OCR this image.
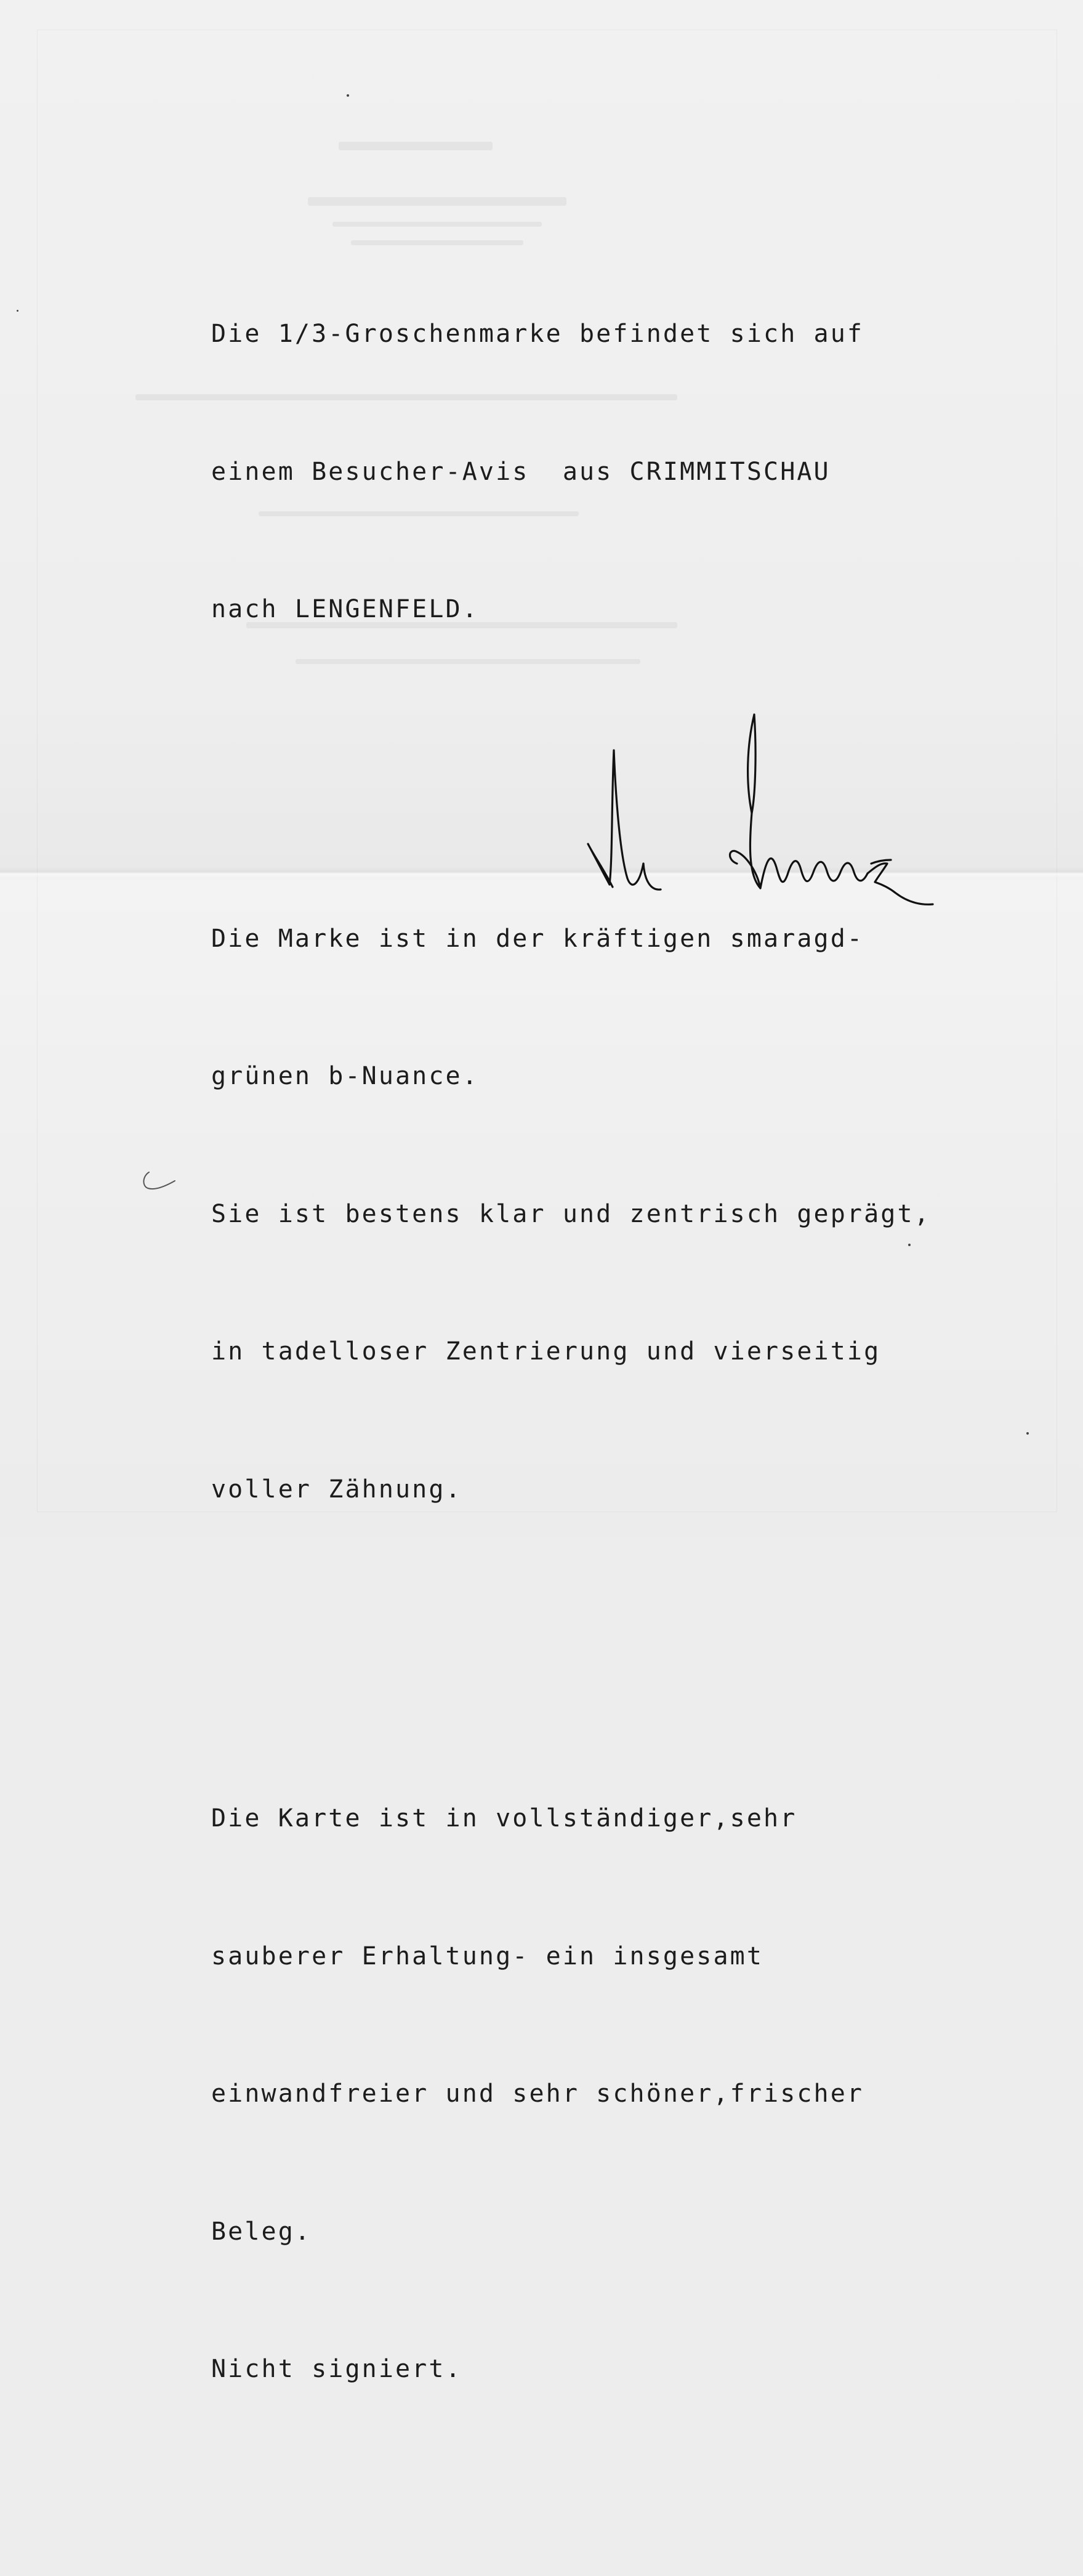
Die 1/3-Groschenmarke befindet sich auf

einem Besucher-Avis  aus CRIMMITSCHAU

nach LENGENFELD.

Die Marke ist in der kräftigen smaragd-

grünen b-Nuance.

Sie ist bestens klar und zentrisch geprägt,

in tadelloser Zentrierung und vierseitig

voller Zähnung.

Die Karte ist in vollständiger,sehr

sauberer Erhaltung- ein insgesamt

einwandfreier und sehr schöner,frischer

Beleg.

Nicht signiert.
